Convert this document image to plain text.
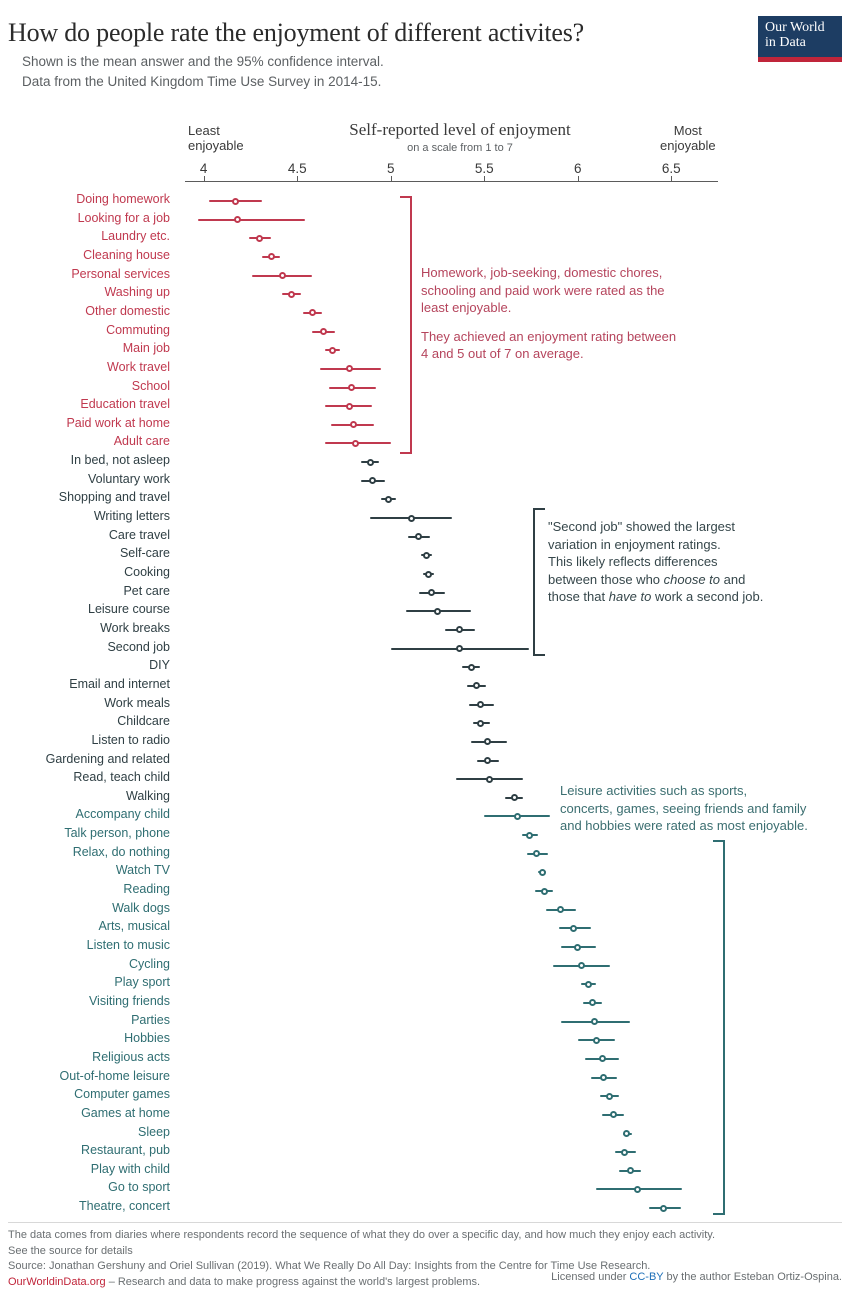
How do people rate the enjoyment of different activites?
Shown is the mean answer and the 95% confidence interval.
Data from the United Kingdom Time Use Survey in 2014-15.
Our World
in Data
Self-reported level of enjoyment
on a scale from 1 to 7
Least
enjoyable
Most
enjoyable
4	4.5	5	5.5	6	6.5
Doing homework
Looking for a job
Laundry etc.
Cleaning house
Personal services
Washing up
Other domestic
Commuting
Main job
Work travel
School
Education travel
Paid work at home
Adult care
In bed, not asleep
Voluntary work
Shopping and travel
Writing letters
Care travel
Self-care
Cooking
Pet care
Leisure course
Work breaks
Second job
DIY
Email and internet
Work meals
Childcare
Listen to radio
Gardening and related
Read, teach child
Walking
Accompany child
Talk person, phone
Relax, do nothing
Watch TV
Reading
Walk dogs
Arts, musical
Listen to music
Cycling
Play sport
Visiting friends
Parties
Hobbies
Religious acts
Out-of-home leisure
Computer games
Games at home
Sleep
Restaurant, pub
Play with child
Go to sport
Theatre, concert
Homework, job-seeking, domestic chores, schooling and paid work were rated as the least enjoyable.
They achieved an enjoyment rating between 4 and 5 out of 7 on average.
"Second job" showed the largest
variation in enjoyment ratings.
This likely reflects differences
between those who choose to and
those that have to work a second job.
Leisure activities such as sports,
concerts, games, seeing friends and family
and hobbies were rated as most enjoyable.
The data comes from diaries where respondents record the sequence of what they do over a specific day, and how much they enjoy each activity.
See the source for details
Source: Jonathan Gershuny and Oriel Sullivan (2019). What We Really Do All Day: Insights from the Centre for Time Use Research.
OurWorldinData.org – Research and data to make progress against the world's largest problems.	Licensed under CC-BY by the author Esteban Ortiz-Ospina.
